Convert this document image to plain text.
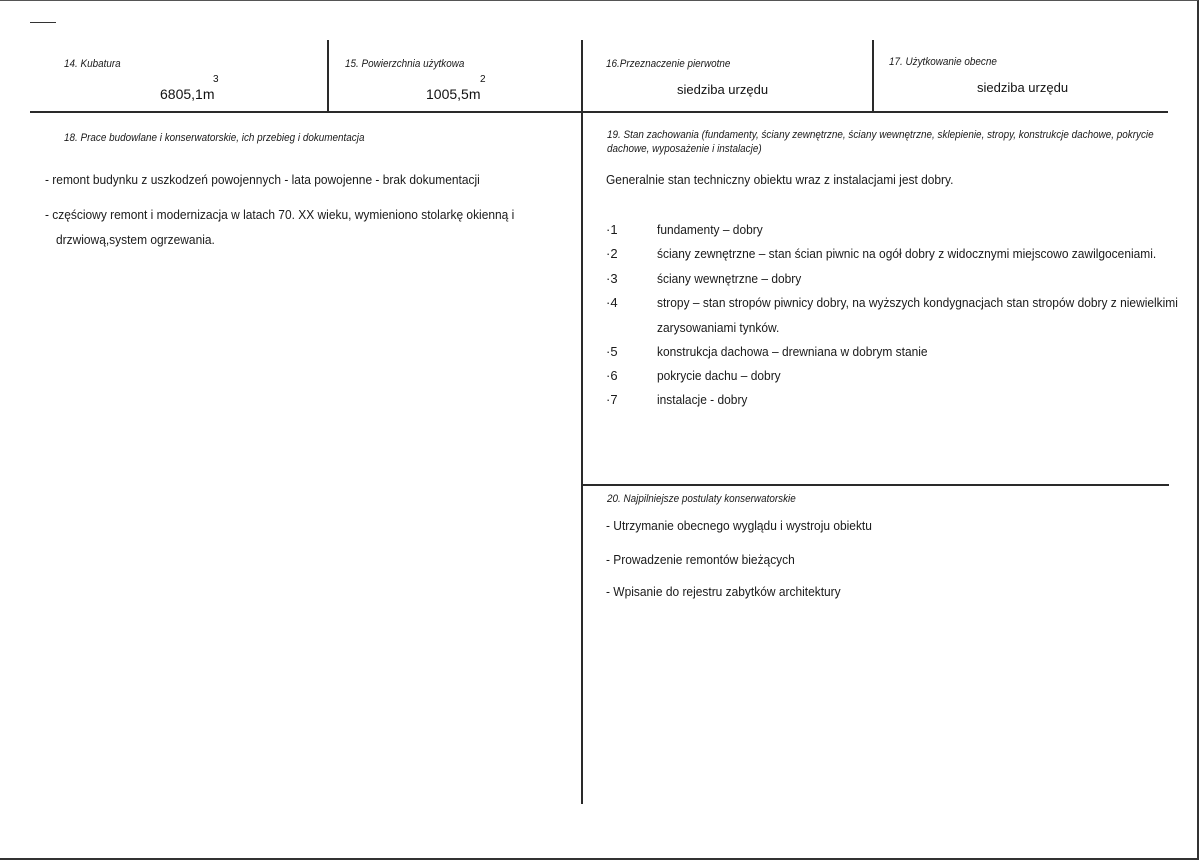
14. Kubatura
3
6805,1m
15. Powierzchnia użytkowa
2
1005,5m
16.Przeznaczenie pierwotne
siedziba urzędu
17. Użytkowanie obecne
siedziba urzędu
18. Prace budowlane i konserwatorskie, ich przebieg i dokumentacja
- remont budynku z uszkodzeń powojennych - lata powojenne - brak dokumentacji
- częściowy remont i modernizacja w latach 70. XX wieku, wymieniono stolarkę okienną i
drzwiową,system ogrzewania.
19. Stan zachowania (fundamenty, ściany zewnętrzne, ściany wewnętrzne, sklepienie, stropy, konstrukcje dachowe, pokrycie dachowe, wyposażenie i instalacje)
Generalnie stan techniczny obiektu wraz z instalacjami jest dobry.
·1	fundamenty – dobry
·2	ściany zewnętrzne – stan ścian piwnic na ogół dobry z widocznymi miejscowo zawilgoceniami.
·3	ściany wewnętrzne – dobry
·4	stropy – stan stropów piwnicy dobry, na wyższych kondygnacjach stan stropów dobry z niewielkimi
zarysowaniami tynków.
·5	konstrukcja dachowa – drewniana w dobrym stanie
·6	pokrycie dachu – dobry
·7	instalacje - dobry
20. Najpilniejsze postulaty konserwatorskie
- Utrzymanie obecnego wyglądu i wystroju obiektu
- Prowadzenie remontów bieżących
- Wpisanie do rejestru zabytków architektury
